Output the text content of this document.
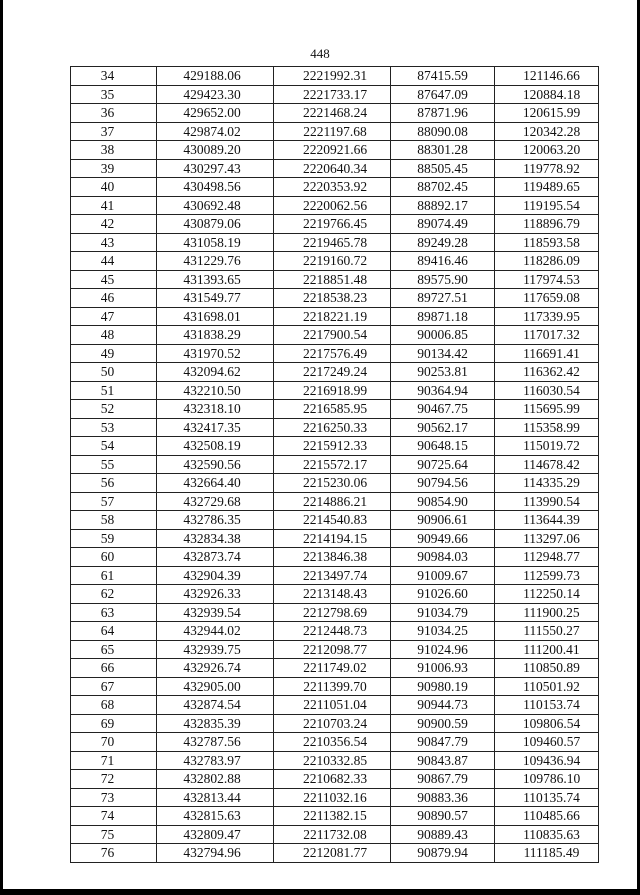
448
34	429188.06	2221992.31	87415.59	121146.66
35	429423.30	2221733.17	87647.09	120884.18
36	429652.00	2221468.24	87871.96	120615.99
37	429874.02	2221197.68	88090.08	120342.28
38	430089.20	2220921.66	88301.28	120063.20
39	430297.43	2220640.34	88505.45	119778.92
40	430498.56	2220353.92	88702.45	119489.65
41	430692.48	2220062.56	88892.17	119195.54
42	430879.06	2219766.45	89074.49	118896.79
43	431058.19	2219465.78	89249.28	118593.58
44	431229.76	2219160.72	89416.46	118286.09
45	431393.65	2218851.48	89575.90	117974.53
46	431549.77	2218538.23	89727.51	117659.08
47	431698.01	2218221.19	89871.18	117339.95
48	431838.29	2217900.54	90006.85	117017.32
49	431970.52	2217576.49	90134.42	116691.41
50	432094.62	2217249.24	90253.81	116362.42
51	432210.50	2216918.99	90364.94	116030.54
52	432318.10	2216585.95	90467.75	115695.99
53	432417.35	2216250.33	90562.17	115358.99
54	432508.19	2215912.33	90648.15	115019.72
55	432590.56	2215572.17	90725.64	114678.42
56	432664.40	2215230.06	90794.56	114335.29
57	432729.68	2214886.21	90854.90	113990.54
58	432786.35	2214540.83	90906.61	113644.39
59	432834.38	2214194.15	90949.66	113297.06
60	432873.74	2213846.38	90984.03	112948.77
61	432904.39	2213497.74	91009.67	112599.73
62	432926.33	2213148.43	91026.60	112250.14
63	432939.54	2212798.69	91034.79	111900.25
64	432944.02	2212448.73	91034.25	111550.27
65	432939.75	2212098.77	91024.96	111200.41
66	432926.74	2211749.02	91006.93	110850.89
67	432905.00	2211399.70	90980.19	110501.92
68	432874.54	2211051.04	90944.73	110153.74
69	432835.39	2210703.24	90900.59	109806.54
70	432787.56	2210356.54	90847.79	109460.57
71	432783.97	2210332.85	90843.87	109436.94
72	432802.88	2210682.33	90867.79	109786.10
73	432813.44	2211032.16	90883.36	110135.74
74	432815.63	2211382.15	90890.57	110485.66
75	432809.47	2211732.08	90889.43	110835.63
76	432794.96	2212081.77	90879.94	111185.49
